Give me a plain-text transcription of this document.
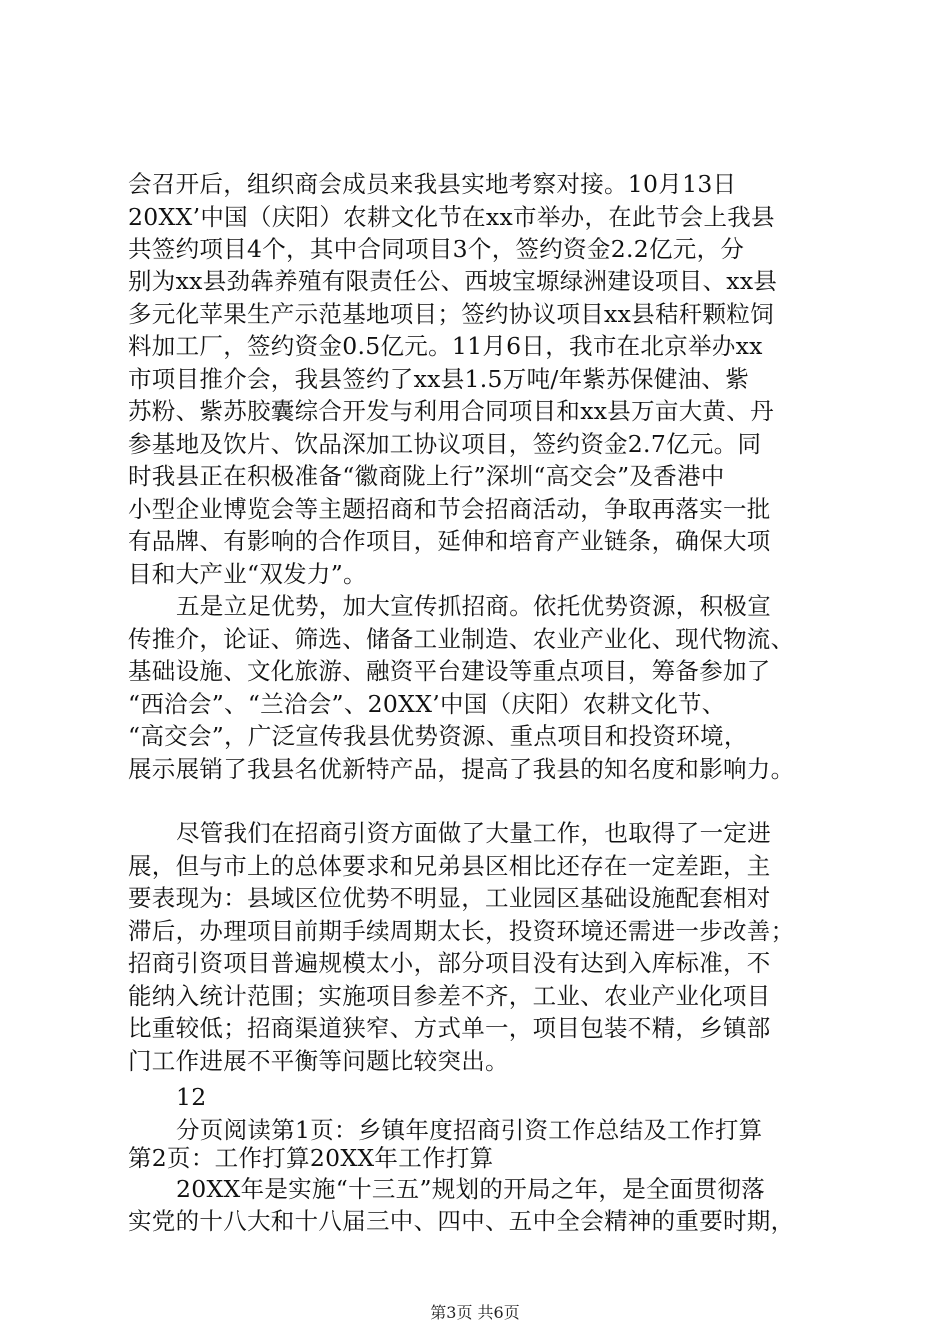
会召开后，组织商会成员来我县实地考察对接。10月13日
20XX’中国（庆阳）农耕文化节在xx市举办，在此节会上我县
共签约项目4个，其中合同项目3个，签约资金2.2亿元，分
别为xx县劲犇养殖有限责任公、西坡宝塬绿洲建设项目、xx县
多元化苹果生产示范基地项目；签约协议项目xx县秸秆颗粒饲
料加工厂，签约资金0.5亿元。11月6日，我市在北京举办xx
市项目推介会，我县签约了xx县1.5万吨/年紫苏保健油、紫
苏粉、紫苏胶囊综合开发与利用合同项目和xx县万亩大黄、丹
参基地及饮片、饮品深加工协议项目，签约资金2.7亿元。同
时我县正在积极准备“徽商陇上行”深圳“高交会”及香港中
小型企业博览会等主题招商和节会招商活动，争取再落实一批
有品牌、有影响的合作项目，延伸和培育产业链条，确保大项
目和大产业“双发力”。
五是立足优势，加大宣传抓招商。依托优势资源，积极宣
传推介，论证、筛选、储备工业制造、农业产业化、现代物流、
基础设施、文化旅游、融资平台建设等重点项目，筹备参加了
“西洽会”、“兰洽会”、20XX’中国（庆阳）农耕文化节、
“高交会”，广泛宣传我县优势资源、重点项目和投资环境，
展示展销了我县名优新特产品，提高了我县的知名度和影响力。
尽管我们在招商引资方面做了大量工作，也取得了一定进
展，但与市上的总体要求和兄弟县区相比还存在一定差距，主
要表现为：县域区位优势不明显，工业园区基础设施配套相对
滞后，办理项目前期手续周期太长，投资环境还需进一步改善；
招商引资项目普遍规模太小，部分项目没有达到入库标准，不
能纳入统计范围；实施项目参差不齐，工业、农业产业化项目
比重较低；招商渠道狭窄、方式单一，项目包装不精，乡镇部
门工作进展不平衡等问题比较突出。
12
分页阅读第1页：乡镇年度招商引资工作总结及工作打算
第2页：工作打算20XX年工作打算
20XX年是实施“十三五”规划的开局之年，是全面贯彻落
实党的十八大和十八届三中、四中、五中全会精神的重要时期，
第3页 共6页
